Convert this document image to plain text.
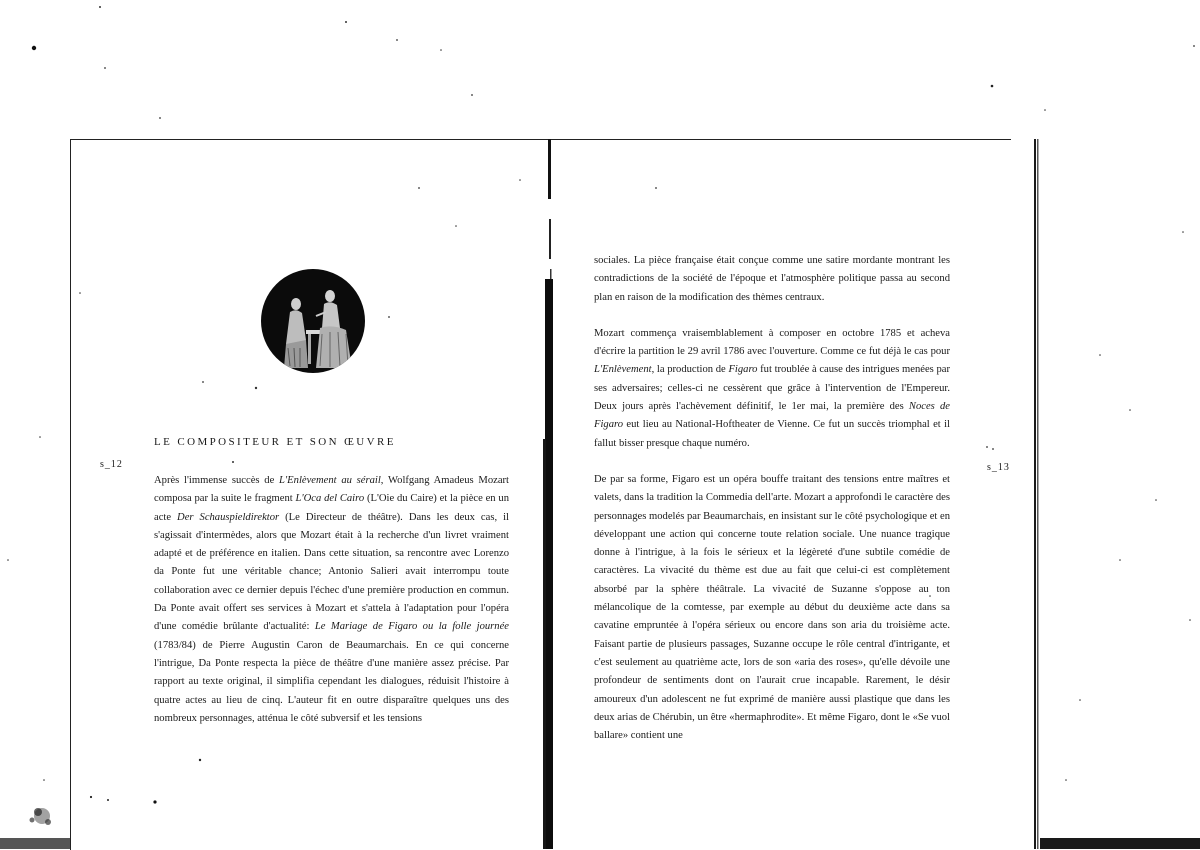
LE COMPOSITEUR ET SON ŒUVRE
s_12	s_13

Après l'immense succès de L'Enlèvement au sérail, Wolfgang Amadeus Mozart composa par la suite le fragment L'Oca del Cairo (L'Oie du Caire) et la pièce en un acte Der Schauspieldirektor (Le Directeur de théâtre). Dans les deux cas, il s'agissait d'intermèdes, alors que Mozart était à la recherche d'un livret vraiment adapté et de préférence en italien. Dans cette situation, sa rencontre avec Lorenzo da Ponte fut une véritable chance; Antonio Salieri avait interrompu toute collaboration avec ce dernier depuis l'échec d'une première production en commun. Da Ponte avait offert ses services à Mozart et s'attela à l'adaptation pour l'opéra d'une comédie brûlante d'actualité: Le Mariage de Figaro ou la folle journée (1783/84) de Pierre Augustin Caron de Beaumarchais. En ce qui concerne l'intrigue, Da Ponte respecta la pièce de théâtre d'une manière assez précise. Par rapport au texte original, il simplifia cependant les dialogues, réduisit l'histoire à quatre actes au lieu de cinq. L'auteur fit en outre disparaître quelques uns des nombreux personnages, atténua le côté subversif et les tensions

sociales. La pièce française était conçue comme une satire mordante montrant les contradictions de la société de l'époque et l'atmosphère politique passa au second plan en raison de la modification des thèmes centraux.

Mozart commença vraisemblablement à composer en octobre 1785 et acheva d'écrire la partition le 29 avril 1786 avec l'ouverture. Comme ce fut déjà le cas pour L'Enlèvement, la production de Figaro fut troublée à cause des intrigues menées par ses adversaires; celles-ci ne cessèrent que grâce à l'intervention de l'Empereur. Deux jours après l'achèvement définitif, le 1er mai, la première des Noces de Figaro eut lieu au National-Hoftheater de Vienne. Ce fut un succès triomphal et il fallut bisser presque chaque numéro.

De par sa forme, Figaro est un opéra bouffe traitant des tensions entre maîtres et valets, dans la tradition la Commedia dell'arte. Mozart a approfondi le caractère des personnages modelés par Beaumarchais, en insistant sur le côté psychologique et en développant une action qui concerne toute relation sociale. Une nuance tragique donne à l'intrigue, à la fois le sérieux et la légèreté d'une subtile comédie de caractères. La vivacité du thème est due au fait que celui-ci est complètement absorbé par la sphère théâtrale. La vivacité de Suzanne s'oppose au ton mélancolique de la comtesse, par exemple au début du deuxième acte dans sa cavatine empruntée à l'opéra sérieux ou encore dans son aria du troisième acte. Faisant partie de plusieurs passages, Suzanne occupe le rôle central d'intrigante, et c'est seulement au quatrième acte, lors de son «aria des roses», qu'elle dévoile une profondeur de sentiments dont on l'aurait crue incapable. Rarement, le désir amoureux d'un adolescent ne fut exprimé de manière aussi plastique que dans les deux arias de Chérubin, un être «hermaphrodite». Et même Figaro, dont le «Se vuol ballare» contient une
